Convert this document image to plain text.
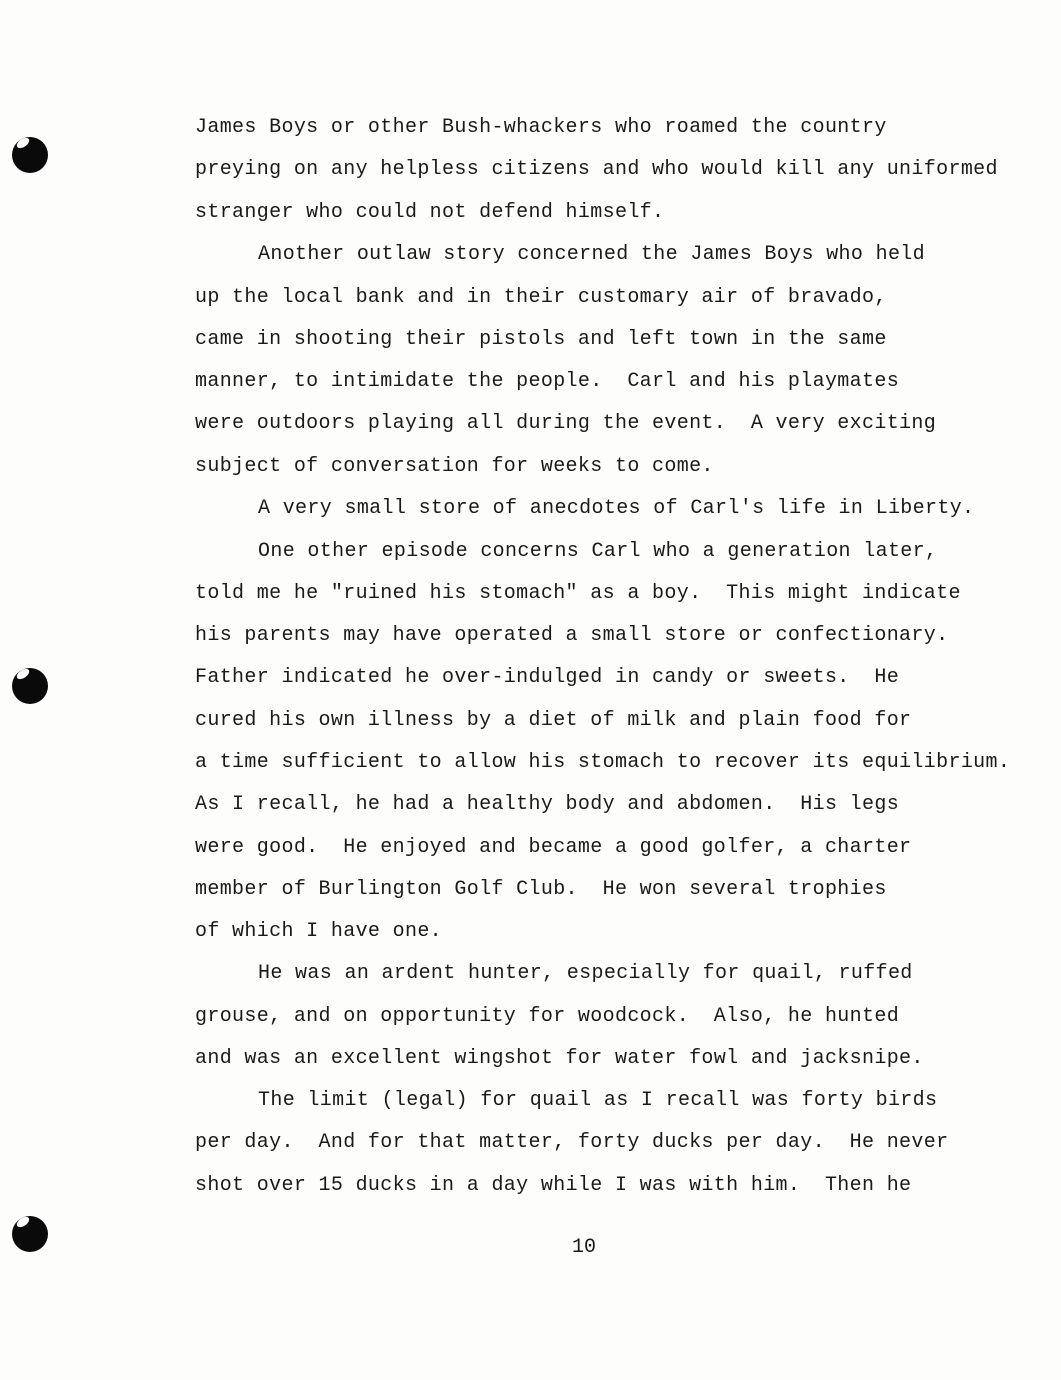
James Boys or other Bush-whackers who roamed the country

preying on any helpless citizens and who would kill any uniformed

stranger who could not defend himself.

Another outlaw story concerned the James Boys who held

up the local bank and in their customary air of bravado,

came in shooting their pistols and left town in the same

manner, to intimidate the people.  Carl and his playmates

were outdoors playing all during the event.  A very exciting

subject of conversation for weeks to come.

A very small store of anecdotes of Carl's life in Liberty.

One other episode concerns Carl who a generation later,

told me he "ruined his stomach" as a boy.  This might indicate

his parents may have operated a small store or confectionary.

Father indicated he over-indulged in candy or sweets.  He

cured his own illness by a diet of milk and plain food for

a time sufficient to allow his stomach to recover its equilibrium.

As I recall, he had a healthy body and abdomen.  His legs

were good.  He enjoyed and became a good golfer, a charter

member of Burlington Golf Club.  He won several trophies

of which I have one.

He was an ardent hunter, especially for quail, ruffed

grouse, and on opportunity for woodcock.  Also, he hunted

and was an excellent wingshot for water fowl and jacksnipe.

The limit (legal) for quail as I recall was forty birds

per day.  And for that matter, forty ducks per day.  He never

shot over 15 ducks in a day while I was with him.  Then he

10
